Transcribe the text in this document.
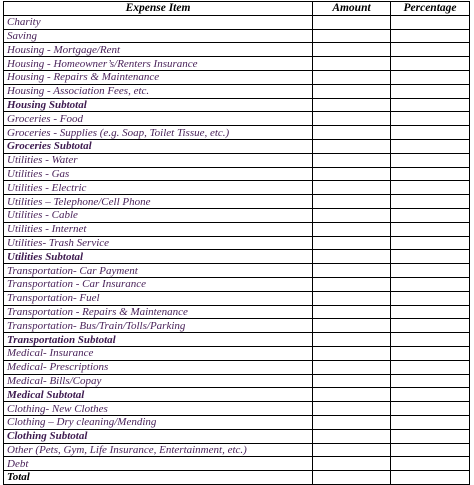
Expense Item	Amount	Percentage
Charity		
Saving		
Housing - Mortgage/Rent		
Housing - Homeowner’s/Renters Insurance		
Housing - Repairs & Maintenance		
Housing - Association Fees, etc.		
Housing Subtotal		
Groceries - Food		
Groceries - Supplies (e.g. Soap, Toilet Tissue, etc.)		
Groceries Subtotal		
Utilities - Water		
Utilities - Gas		
Utilities - Electric		
Utilities – Telephone/Cell Phone		
Utilities - Cable		
Utilities - Internet		
Utilities- Trash Service		
Utilities Subtotal		
Transportation- Car Payment		
Transportation - Car Insurance		
Transportation- Fuel		
Transportation - Repairs & Maintenance		
Transportation- Bus/Train/Tolls/Parking		
Transportation Subtotal		
Medical- Insurance		
Medical- Prescriptions		
Medical- Bills/Copay		
Medical Subtotal		
Clothing- New Clothes		
Clothing – Dry cleaning/Mending		
Clothing Subtotal		
Other (Pets, Gym, Life Insurance, Entertainment, etc.)		
Debt		
Total		
